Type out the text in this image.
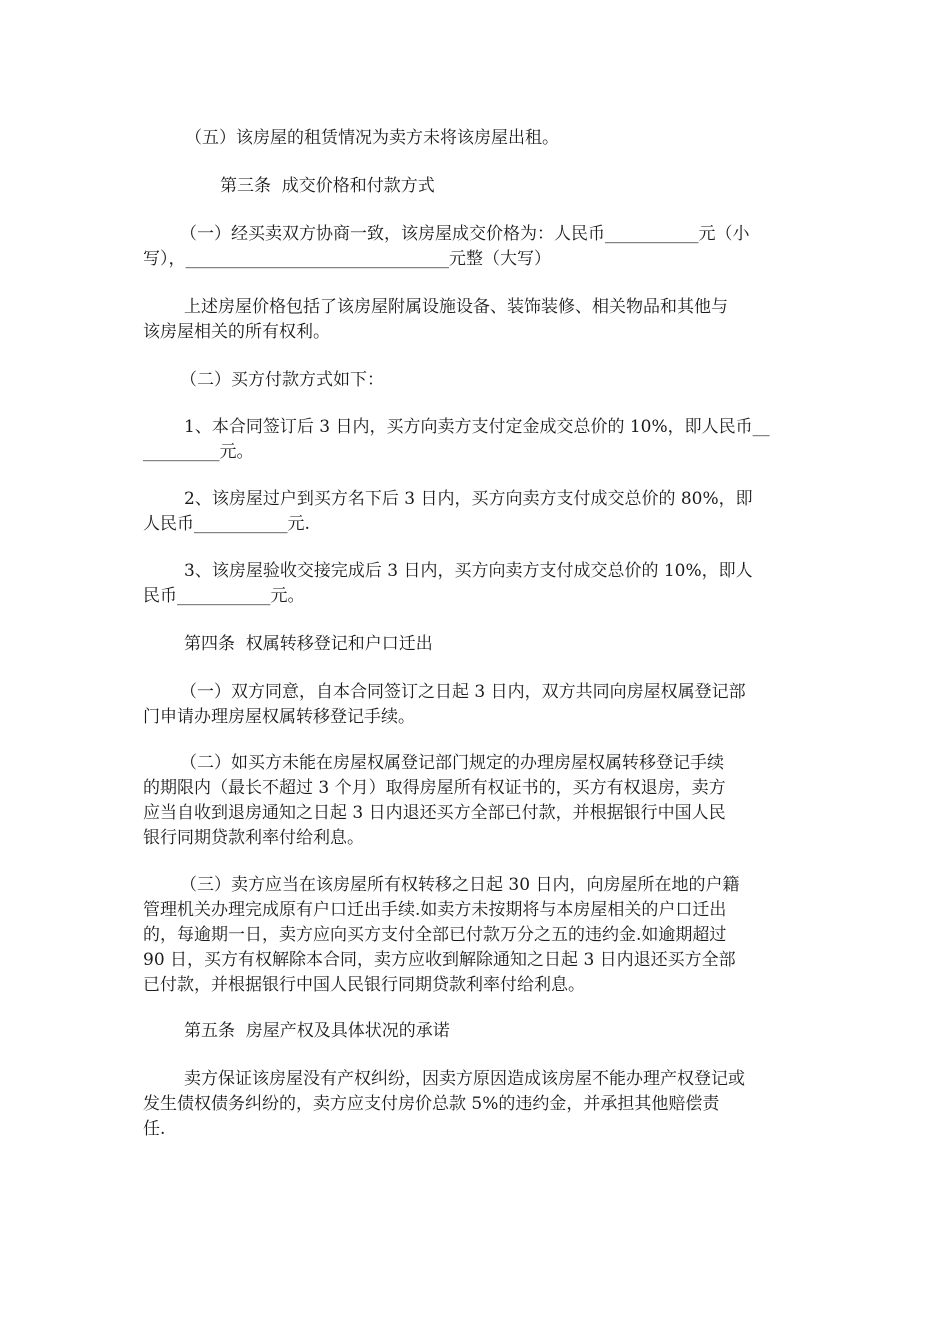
（五）该房屋的租赁情况为卖方未将该房屋出租。
第三条  成交价格和付款方式
（一）经买卖双方协商一致，该房屋成交价格为：人民币___________元（小
写），_______________________________元整（大写）
上述房屋价格包括了该房屋附属设施设备、装饰装修、相关物品和其他与
该房屋相关的所有权利。
（二）买方付款方式如下：
1、本合同签订后 3 日内，买方向卖方支付定金成交总价的 10%，即人民币__
_________元。
2、该房屋过户到买方名下后 3 日内，买方向卖方支付成交总价的 80%，即
人民币___________元.
3、该房屋验收交接完成后 3 日内，买方向卖方支付成交总价的 10%，即人
民币___________元。
第四条  权属转移登记和户口迁出
（一）双方同意，自本合同签订之日起 3 日内，双方共同向房屋权属登记部
门申请办理房屋权属转移登记手续。
（二）如买方未能在房屋权属登记部门规定的办理房屋权属转移登记手续
的期限内（最长不超过 3 个月）取得房屋所有权证书的，买方有权退房，卖方
应当自收到退房通知之日起 3 日内退还买方全部已付款，并根据银行中国人民
银行同期贷款利率付给利息。
（三）卖方应当在该房屋所有权转移之日起 30 日内，向房屋所在地的户籍
管理机关办理完成原有户口迁出手续.如卖方未按期将与本房屋相关的户口迁出
的，每逾期一日，卖方应向买方支付全部已付款万分之五的违约金.如逾期超过
90 日，买方有权解除本合同，卖方应收到解除通知之日起 3 日内退还买方全部
已付款，并根据银行中国人民银行同期贷款利率付给利息。
第五条  房屋产权及具体状况的承诺
卖方保证该房屋没有产权纠纷，因卖方原因造成该房屋不能办理产权登记或
发生债权债务纠纷的，卖方应支付房价总款 5%的违约金，并承担其他赔偿责
任.
